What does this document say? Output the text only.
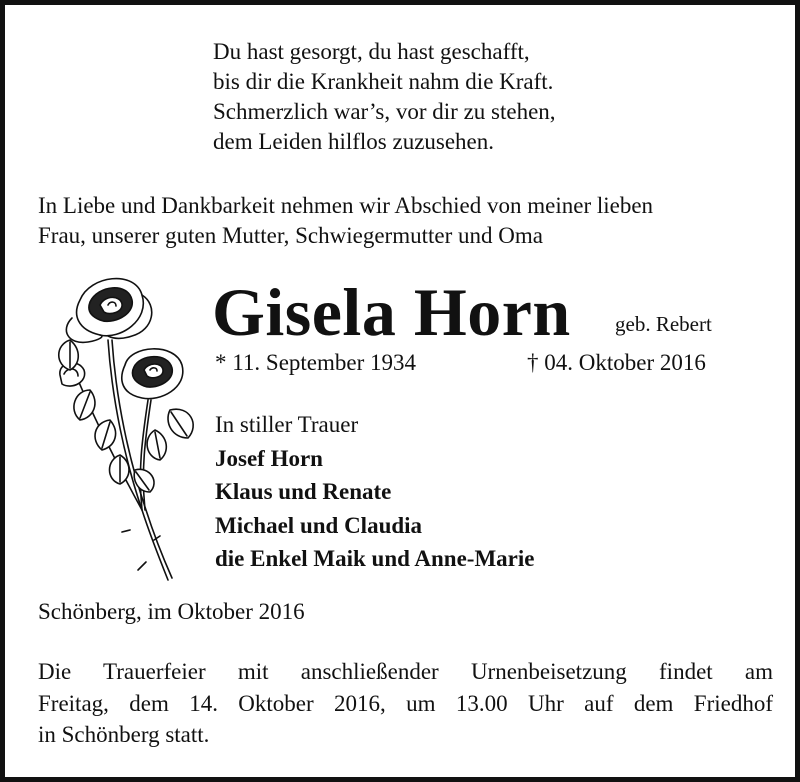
Du hast gesorgt, du hast geschafft,
bis dir die Krankheit nahm die Kraft.
Schmerzlich war’s, vor dir zu stehen,
dem Leiden hilflos zuzusehen.
In Liebe und Dankbarkeit nehmen wir Abschied von meiner lieben
Frau, unserer guten Mutter, Schwiegermutter und Oma
Gisela Horn geb. Rebert
* 11. September 1934	† 04. Oktober 2016
In stiller Trauer
Josef Horn
Klaus und Renate
Michael und Claudia
die Enkel Maik und Anne-Marie
Schönberg, im Oktober 2016
Die Trauerfeier mit anschließender Urnenbeisetzung findet am
Freitag, dem 14. Oktober 2016, um 13.00 Uhr auf dem Friedhof
in Schönberg statt.
